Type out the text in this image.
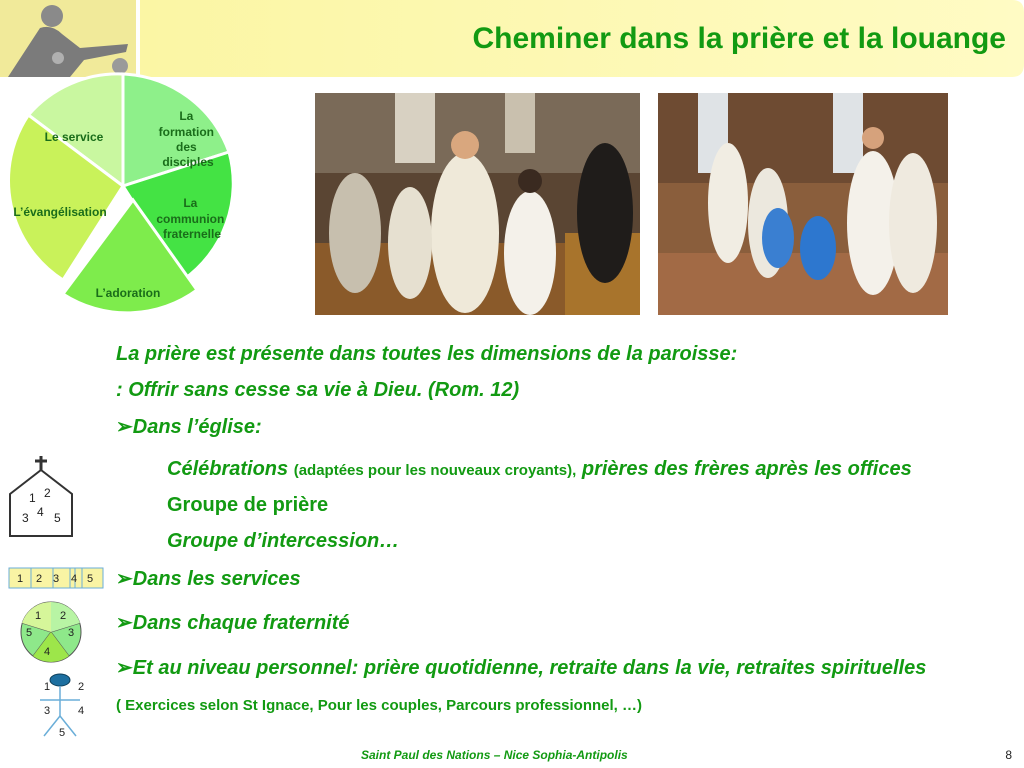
Cheminer dans la prière et la louange
Le service
La formation des disciples
La communion fraternelle
L’évangélisation
L’adoration
La prière est présente dans toutes les dimensions de la paroisse:
: Offrir sans cesse sa vie à Dieu. (Rom. 12)
➢Dans l’église:
Célébrations (adaptées pour les nouveaux croyants), prières des frères après les offices
Groupe de prière
Groupe d’intercession…
➢Dans les services
➢Dans chaque fraternité
➢Et au niveau personnel: prière quotidienne, retraite dans la vie, retraites spirituelles
( Exercices selon St Ignace, Pour les couples, Parcours professionnel, …)
1 2
3 4 5
1 2 3 4 5
1 2
3
4
5
1	2
3	4
5
Saint Paul des Nations – Nice Sophia-Antipolis	8
